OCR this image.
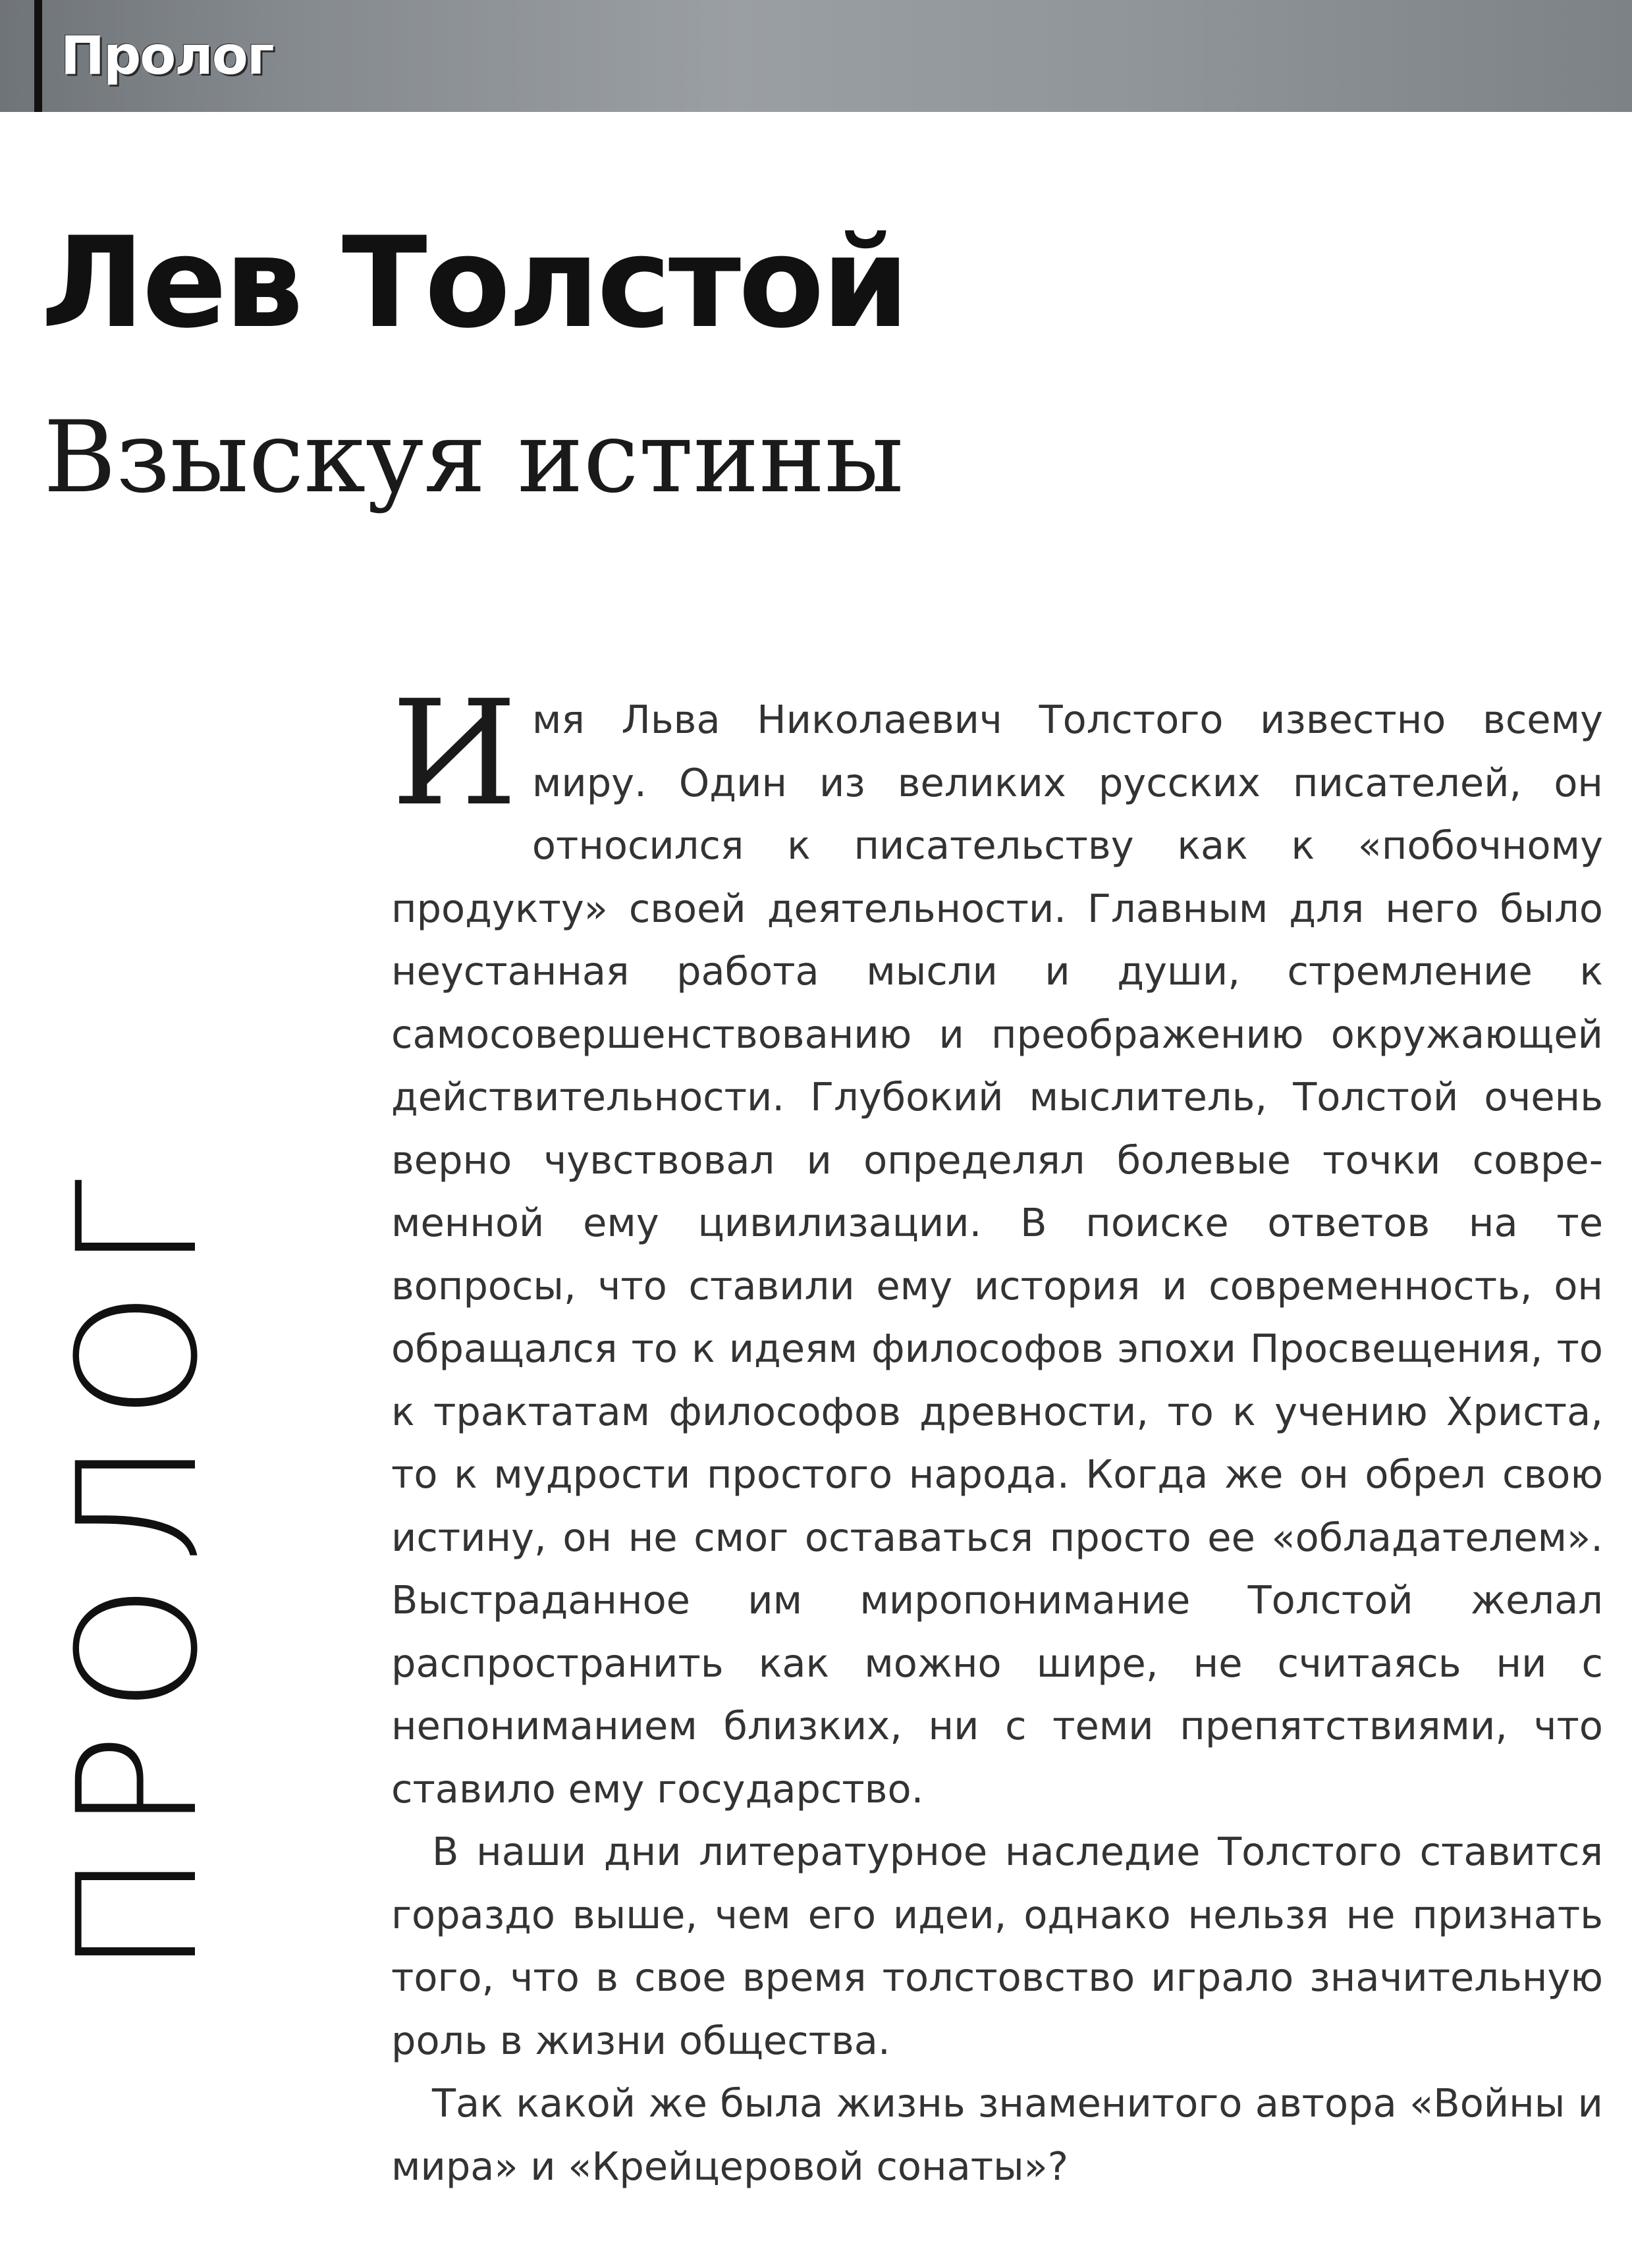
Пролог
Лев Толстой
Взыскуя истины
ПРОЛОГ

Имя Льва Николаевич Толстого известно всему миру. Один из великих русских писателей, он относился к писательству как к «побочному продукту» своей деятельности. Главным для него было неустанная работа мысли и души, стремление к самосовершенствованию и преображению окружающей действительности. Глубокий мыслитель, Толстой очень верно чувствовал и определял болевые точки современной ему цивилизации. В поиске ответов на те вопросы, что ставили ему история и современность, он обращался то к идеям философов эпохи Просвещения, то к трактатам философов древности, то к учению Христа, то к мудрости простого народа. Когда же он обрел свою истину, он не смог оставаться просто ее «обладателем». Выстраданное им миропонимание Толстой желал распространить как можно шире, не считаясь ни с непониманием близких, ни с теми препятствиями, что ставило ему государство.

В наши дни литературное наследие Толстого ставится гораздо выше, чем его идеи, однако нельзя не признать того, что в свое время толстовство играло значительную роль в жизни общества.

Так какой же была жизнь знаменитого автора «Войны и мира» и «Крейцеровой сонаты»?
